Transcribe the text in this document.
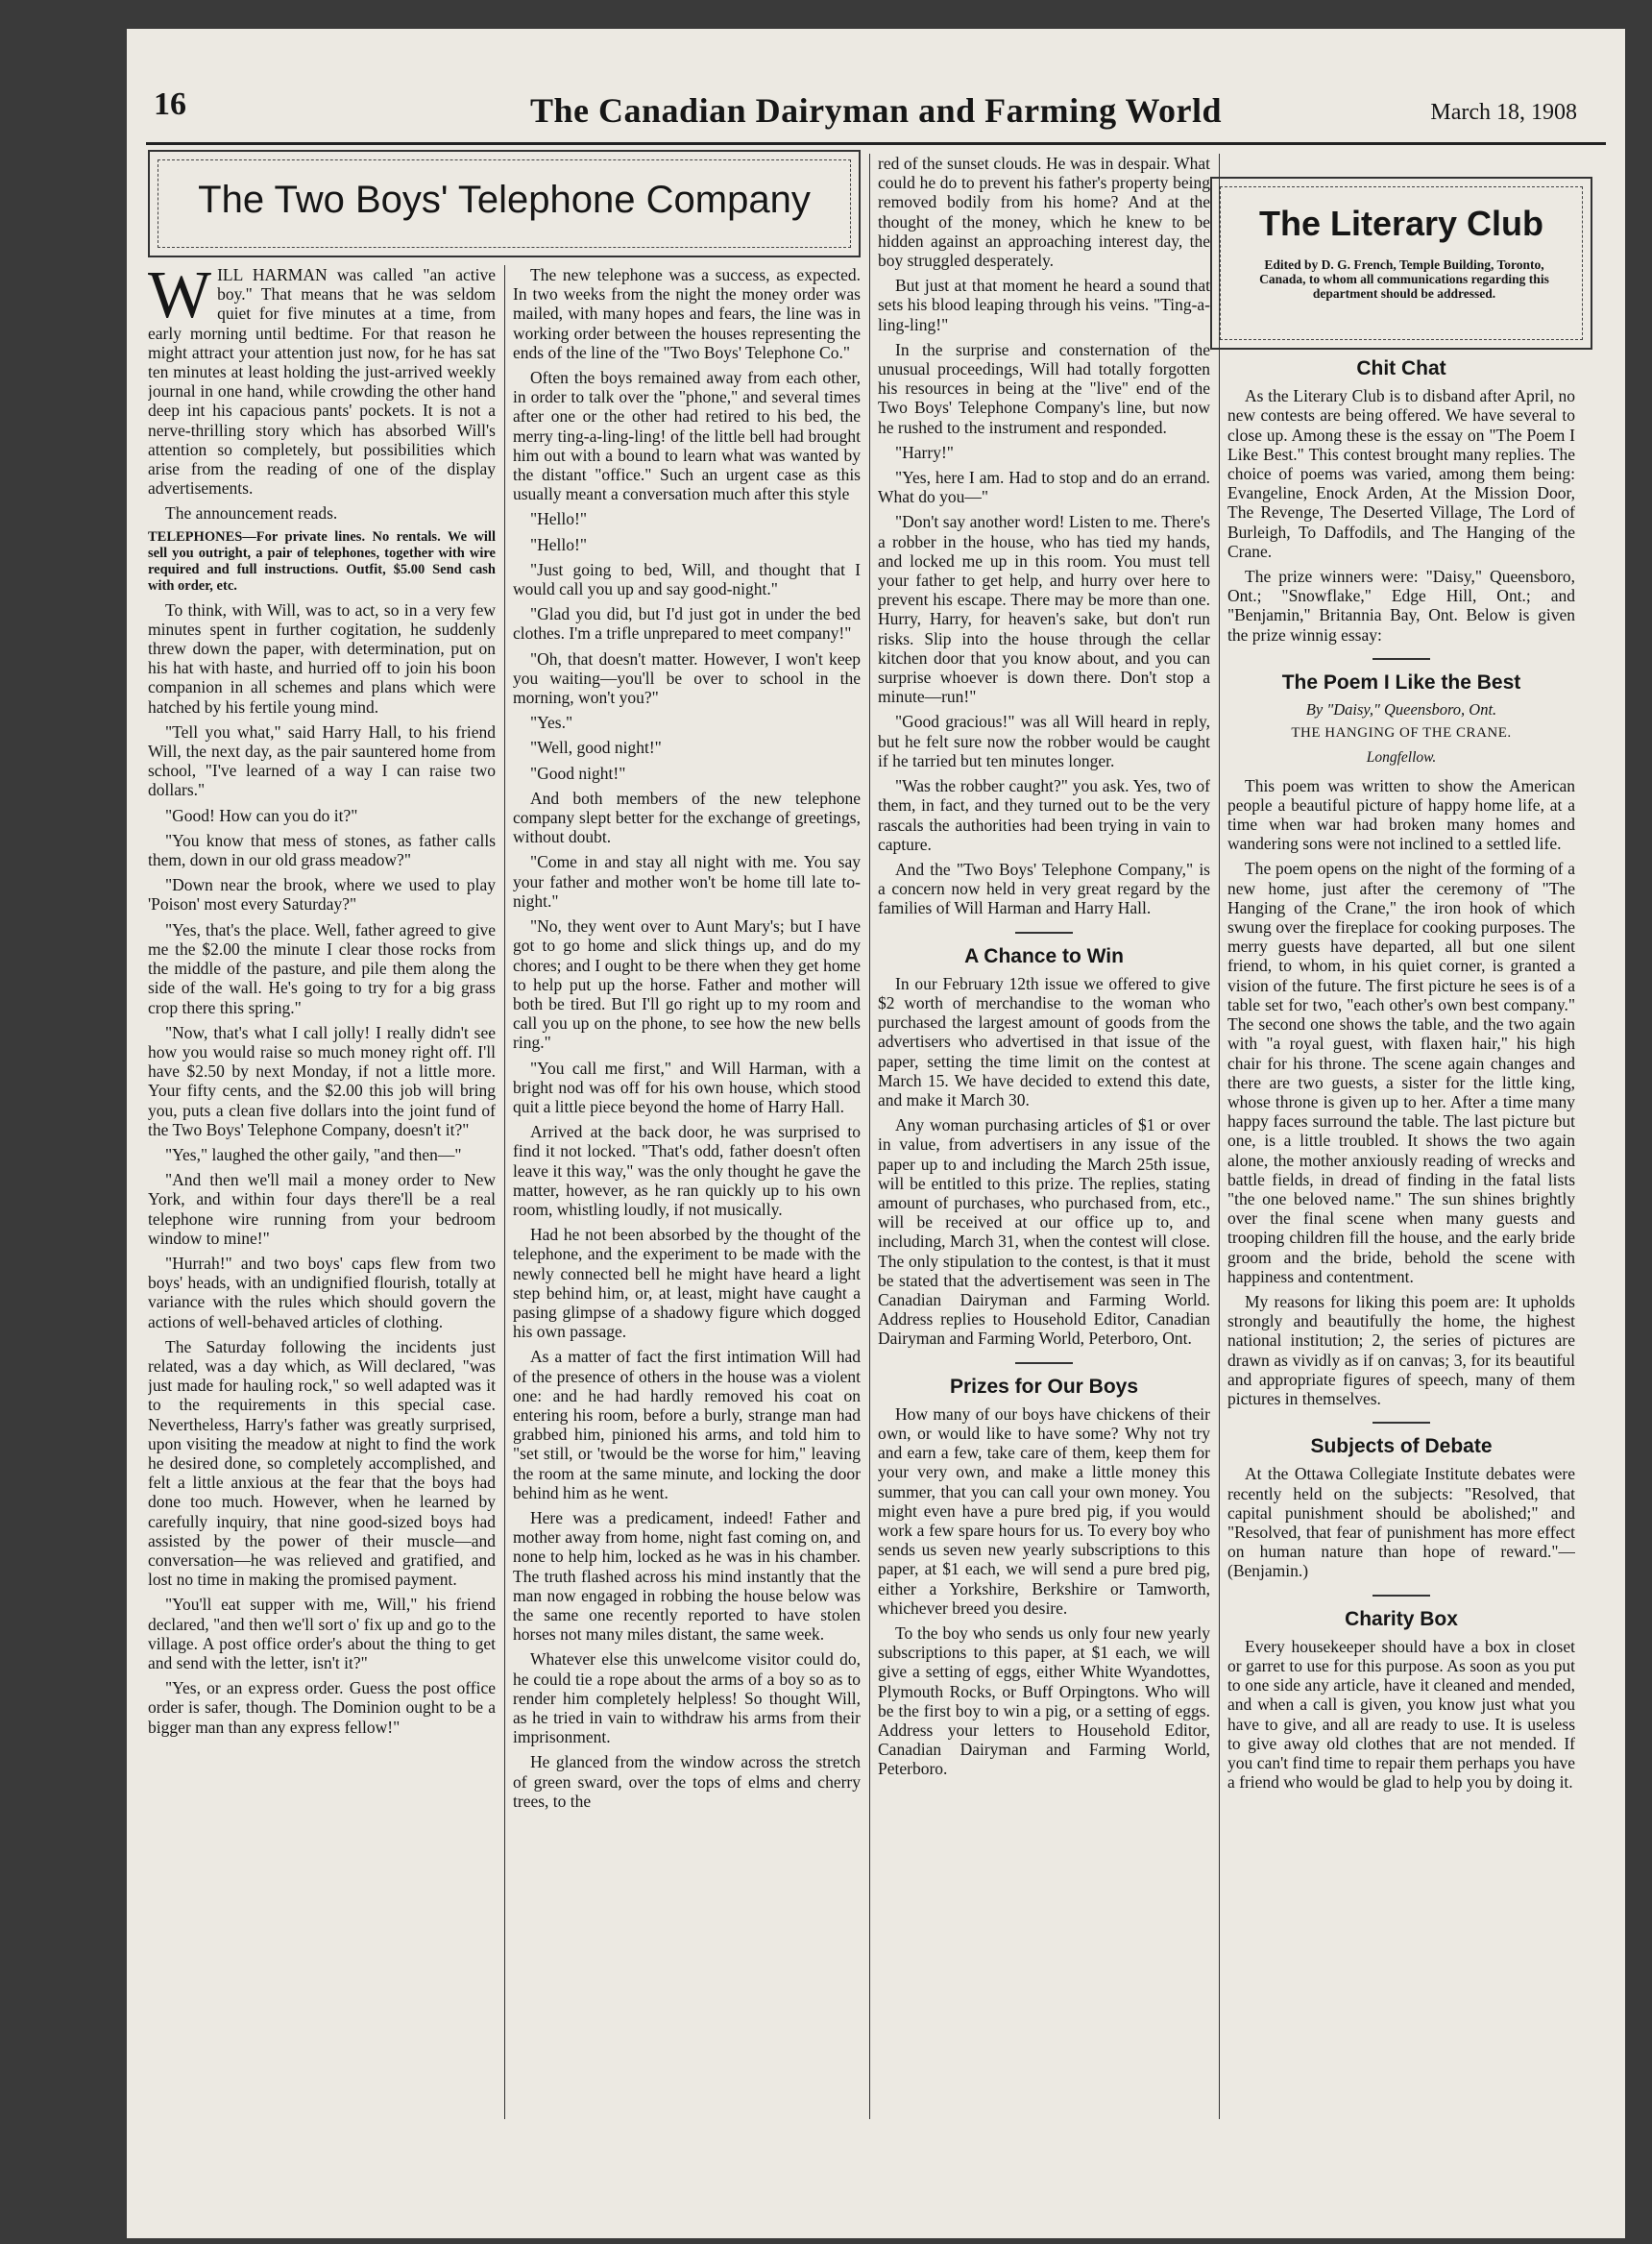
16	The Canadian Dairyman and Farming World	March 18, 1908
The Two Boys' Telephone Company
W ILL HARMAN was called "an active boy." That means that he was seldom quiet for five minutes at a time, from early morning until bedtime. For that reason he might attract your attention just now, for he has sat ten minutes at least holding the just-arrived weekly journal in one hand, while crowding the other hand deep int his capacious pants' pockets. It is not a nerve-thrilling story which has absorbed Will's attention so completely, but possibilities which arise from the reading of one of the display advertisements.

The announcement reads.

TELEPHONES—For private lines. No rentals. We will sell you outright, a pair of telephones, together with wire required and full instructions. Outfit, $5.00 Send cash with order, etc.

To think, with Will, was to act, so in a very few minutes spent in further cogitation, he suddenly threw down the paper, with determination, put on his hat with haste, and hurried off to join his boon companion in all schemes and plans which were hatched by his fertile young mind.

"Tell you what," said Harry Hall, to his friend Will, the next day, as the pair sauntered home from school, "I've learned of a way I can raise two dollars."

"Good! How can you do it?"

"You know that mess of stones, as father calls them, down in our old grass meadow?"

"Down near the brook, where we used to play 'Poison' most every Saturday?"

"Yes, that's the place. Well, father agreed to give me the $2.00 the minute I clear those rocks from the middle of the pasture, and pile them along the side of the wall. He's going to try for a big grass crop there this spring."

"Now, that's what I call jolly! I really didn't see how you would raise so much money right off. I'll have $2.50 by next Monday, if not a little more. Your fifty cents, and the $2.00 this job will bring you, puts a clean five dollars into the joint fund of the Two Boys' Telephone Company, doesn't it?"

"Yes," laughed the other gaily, "and then—"

"And then we'll mail a money order to New York, and within four days there'll be a real telephone wire running from your bedroom window to mine!"

"Hurrah!" and two boys' caps flew from two boys' heads, with an undignified flourish, totally at variance with the rules which should govern the actions of well-behaved articles of clothing.

The Saturday following the incidents just related, was a day which, as Will declared, "was just made for hauling rock," so well adapted was it to the requirements in this special case. Nevertheless, Harry's father was greatly surprised, upon visiting the meadow at night to find the work he desired done, so completely accomplished, and felt a little anxious at the fear that the boys had done too much. However, when he learned by carefully inquiry, that nine good-sized boys had assisted by the power of their muscle—and conversation—he was relieved and gratified, and lost no time in making the promised payment.

"You'll eat supper with me, Will," his friend declared, "and then we'll sort o' fix up and go to the village. A post office order's about the thing to get and send with the letter, isn't it?"

"Yes, or an express order. Guess the post office order is safer, though. The Dominion ought to be a bigger man than any express fellow!"

The new telephone was a success, as expected. In two weeks from the night the money order was mailed, with many hopes and fears, the line was in working order between the houses representing the ends of the line of the "Two Boys' Telephone Co."

Often the boys remained away from each other, in order to talk over the "phone," and several times after one or the other had retired to his bed, the merry ting-a-ling-ling! of the little bell had brought him out with a bound to learn what was wanted by the distant "office." Such an urgent case as this usually meant a conversation much after this style

"Hello!"

"Hello!"

"Just going to bed, Will, and thought that I would call you up and say good-night."

"Glad you did, but I'd just got in under the bed clothes. I'm a trifle unprepared to meet company!"

"Oh, that doesn't matter. However, I won't keep you waiting—you'll be over to school in the morning, won't you?"

"Yes."

"Well, good night!"

"Good night!"

And both members of the new telephone company slept better for the exchange of greetings, without doubt.

"Come in and stay all night with me. You say your father and mother won't be home till late to-night."

"No, they went over to Aunt Mary's; but I have got to go home and slick things up, and do my chores; and I ought to be there when they get home to help put up the horse. Father and mother will both be tired. But I'll go right up to my room and call you up on the phone, to see how the new bells ring."

"You call me first," and Will Harman, with a bright nod was off for his own house, which stood quit a little piece beyond the home of Harry Hall.

Arrived at the back door, he was surprised to find it not locked. "That's odd, father doesn't often leave it this way," was the only thought he gave the matter, however, as he ran quickly up to his own room, whistling loudly, if not musically.

Had he not been absorbed by the thought of the telephone, and the experiment to be made with the newly connected bell he might have heard a light step behind him, or, at least, might have caught a pasing glimpse of a shadowy figure which dogged his own passage.

As a matter of fact the first intimation Will had of the presence of others in the house was a violent one: and he had hardly removed his coat on entering his room, before a burly, strange man had grabbed him, pinioned his arms, and told him to "set still, or 'twould be the worse for him," leaving the room at the same minute, and locking the door behind him as he went.

Here was a predicament, indeed! Father and mother away from home, night fast coming on, and none to help him, locked as he was in his chamber. The truth flashed across his mind instantly that the man now engaged in robbing the house below was the same one recently reported to have stolen horses not many miles distant, the same week.

Whatever else this unwelcome visitor could do, he could tie a rope about the arms of a boy so as to render him completely helpless! So thought Will, as he tried in vain to withdraw his arms from their imprisonment.

He glanced from the window across the stretch of green sward, over the tops of elms and cherry trees, to the

red of the sunset clouds. He was in despair. What could he do to prevent his father's property being removed bodily from his home? And at the thought of the money, which he knew to be hidden against an approaching interest day, the boy struggled desperately.

But just at that moment he heard a sound that sets his blood leaping through his veins. "Ting-a-ling-ling!"

In the surprise and consternation of the unusual proceedings, Will had totally forgotten his resources in being at the "live" end of the Two Boys' Telephone Company's line, but now he rushed to the instrument and responded.

"Harry!"

"Yes, here I am. Had to stop and do an errand. What do you—"

"Don't say another word! Listen to me. There's a robber in the house, who has tied my hands, and locked me up in this room. You must tell your father to get help, and hurry over here to prevent his escape. There may be more than one. Hurry, Harry, for heaven's sake, but don't run risks. Slip into the house through the cellar kitchen door that you know about, and you can surprise whoever is down there. Don't stop a minute—run!"

"Good gracious!" was all Will heard in reply, but he felt sure now the robber would be caught if he tarried but ten minutes longer.

"Was the robber caught?" you ask. Yes, two of them, in fact, and they turned out to be the very rascals the authorities had been trying in vain to capture.

And the "Two Boys' Telephone Company," is a concern now held in very great regard by the families of Will Harman and Harry Hall.

A Chance to Win

In our February 12th issue we offered to give $2 worth of merchandise to the woman who purchased the largest amount of goods from the advertisers who advertised in that issue of the paper, setting the time limit on the contest at March 15. We have decided to extend this date, and make it March 30.

Any woman purchasing articles of $1 or over in value, from advertisers in any issue of the paper up to and including the March 25th issue, will be entitled to this prize. The replies, stating amount of purchases, who purchased from, etc., will be received at our office up to, and including, March 31, when the contest will close. The only stipulation to the contest, is that it must be stated that the advertisement was seen in The Canadian Dairyman and Farming World. Address replies to Household Editor, Canadian Dairyman and Farming World, Peterboro, Ont.

Prizes for Our Boys

How many of our boys have chickens of their own, or would like to have some? Why not try and earn a few, take care of them, keep them for your very own, and make a little money this summer, that you can call your own money. You might even have a pure bred pig, if you would work a few spare hours for us. To every boy who sends us seven new yearly subscriptions to this paper, at $1 each, we will send a pure bred pig, either a Yorkshire, Berkshire or Tamworth, whichever breed you desire.

To the boy who sends us only four new yearly subscriptions to this paper, at $1 each, we will give a setting of eggs, either White Wyandottes, Plymouth Rocks, or Buff Orpingtons. Who will be the first boy to win a pig, or a setting of eggs. Address your letters to Household Editor, Canadian Dairyman and Farming World, Peterboro.

The Literary Club
Edited by D. G. French, Temple Building, Toronto, Canada, to whom all communications regarding this department should be addressed.
Chit Chat

As the Literary Club is to disband after April, no new contests are being offered. We have several to close up. Among these is the essay on "The Poem I Like Best." This contest brought many replies. The choice of poems was varied, among them being: Evangeline, Enock Arden, At the Mission Door, The Revenge, The Deserted Village, The Lord of Burleigh, To Daffodils, and The Hanging of the Crane.

The prize winners were: "Daisy," Queensboro, Ont.; "Snowflake," Edge Hill, Ont.; and "Benjamin," Britannia Bay, Ont. Below is given the prize winnig essay:

The Poem I Like the Best
By "Daisy," Queensboro, Ont.
THE HANGING OF THE CRANE.
Longfellow.

This poem was written to show the American people a beautiful picture of happy home life, at a time when war had broken many homes and wandering sons were not inclined to a settled life.

The poem opens on the night of the forming of a new home, just after the ceremony of "The Hanging of the Crane," the iron hook of which swung over the fireplace for cooking purposes. The merry guests have departed, all but one silent friend, to whom, in his quiet corner, is granted a vision of the future. The first picture he sees is of a table set for two, "each other's own best company." The second one shows the table, and the two again with "a royal guest, with flaxen hair," his high chair for his throne. The scene again changes and there are two guests, a sister for the little king, whose throne is given up to her. After a time many happy faces surround the table. The last picture but one, is a little troubled. It shows the two again alone, the mother anxiously reading of wrecks and battle fields, in dread of finding in the fatal lists "the one beloved name." The sun shines brightly over the final scene when many guests and trooping children fill the house, and the early bride groom and the bride, behold the scene with happiness and contentment.

My reasons for liking this poem are: It upholds strongly and beautifully the home, the highest national institution; 2, the series of pictures are drawn as vividly as if on canvas; 3, for its beautiful and appropriate figures of speech, many of them pictures in themselves.

Subjects of Debate

At the Ottawa Collegiate Institute debates were recently held on the subjects: "Resolved, that capital punishment should be abolished;" and "Resolved, that fear of punishment has more effect on human nature than hope of reward."—(Benjamin.)

Charity Box

Every housekeeper should have a box in closet or garret to use for this purpose. As soon as you put to one side any article, have it cleaned and mended, and when a call is given, you know just what you have to give, and all are ready to use. It is useless to give away old clothes that are not mended. If you can't find time to repair them perhaps you have a friend who would be glad to help you by doing it.
